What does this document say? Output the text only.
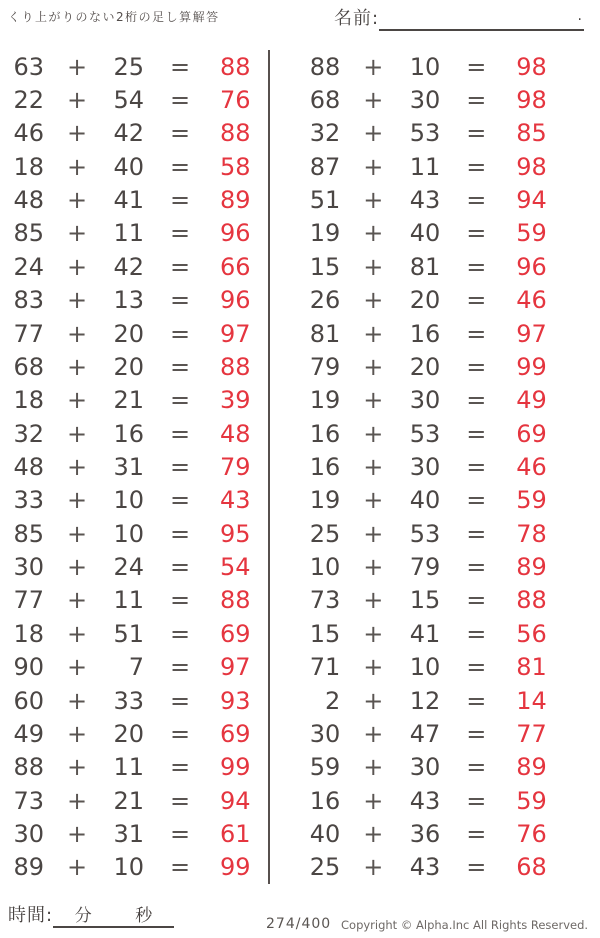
くり上がりのない2桁の足し算解答	名前:	.
63 +	25	=	88
22 +	54	=	76
46 +	42	=	88
18 +	40	=	58
48 +	41	=	89
85 +	11	=	96
24 +	42	=	66
83 +	13	=	96
77 +	20	=	97
68 +	20	=	88
18 +	21	=	39
32 +	16	=	48
48 +	31	=	79
33 +	10	=	43
85 +	10	=	95
30 +	24	=	54
77 +	11	=	88
18 +	51	=	69
90 +	7	=	97
60 +	33	=	93
49 +	20	=	69
88 +	11	=	99
73 +	21	=	94
30 +	31	=	61
89 +	10	=	99
88 +	10	=	98
68 +	30	=	98
32 +	53	=	85
87 +	11	=	98
51 +	43	=	94
19 +	40	=	59
15 +	81	=	96
26 +	20	=	46
81 +	16	=	97
79 +	20	=	99
19 +	30	=	49
16 +	53	=	69
16 +	30	=	46
19 +	40	=	59
25 +	53	=	78
10 +	79	=	89
73 +	15	=	88
15 +	41	=	56
71 +	10	=	81
2 +	12	=	14
30 +	47	=	77
59 +	30	=	89
16 +	43	=	59
40 +	36	=	76
25 +	43	=	68
時間: 分	秒	274/400 Copyright © Alpha.Inc All Rights Reserved.
